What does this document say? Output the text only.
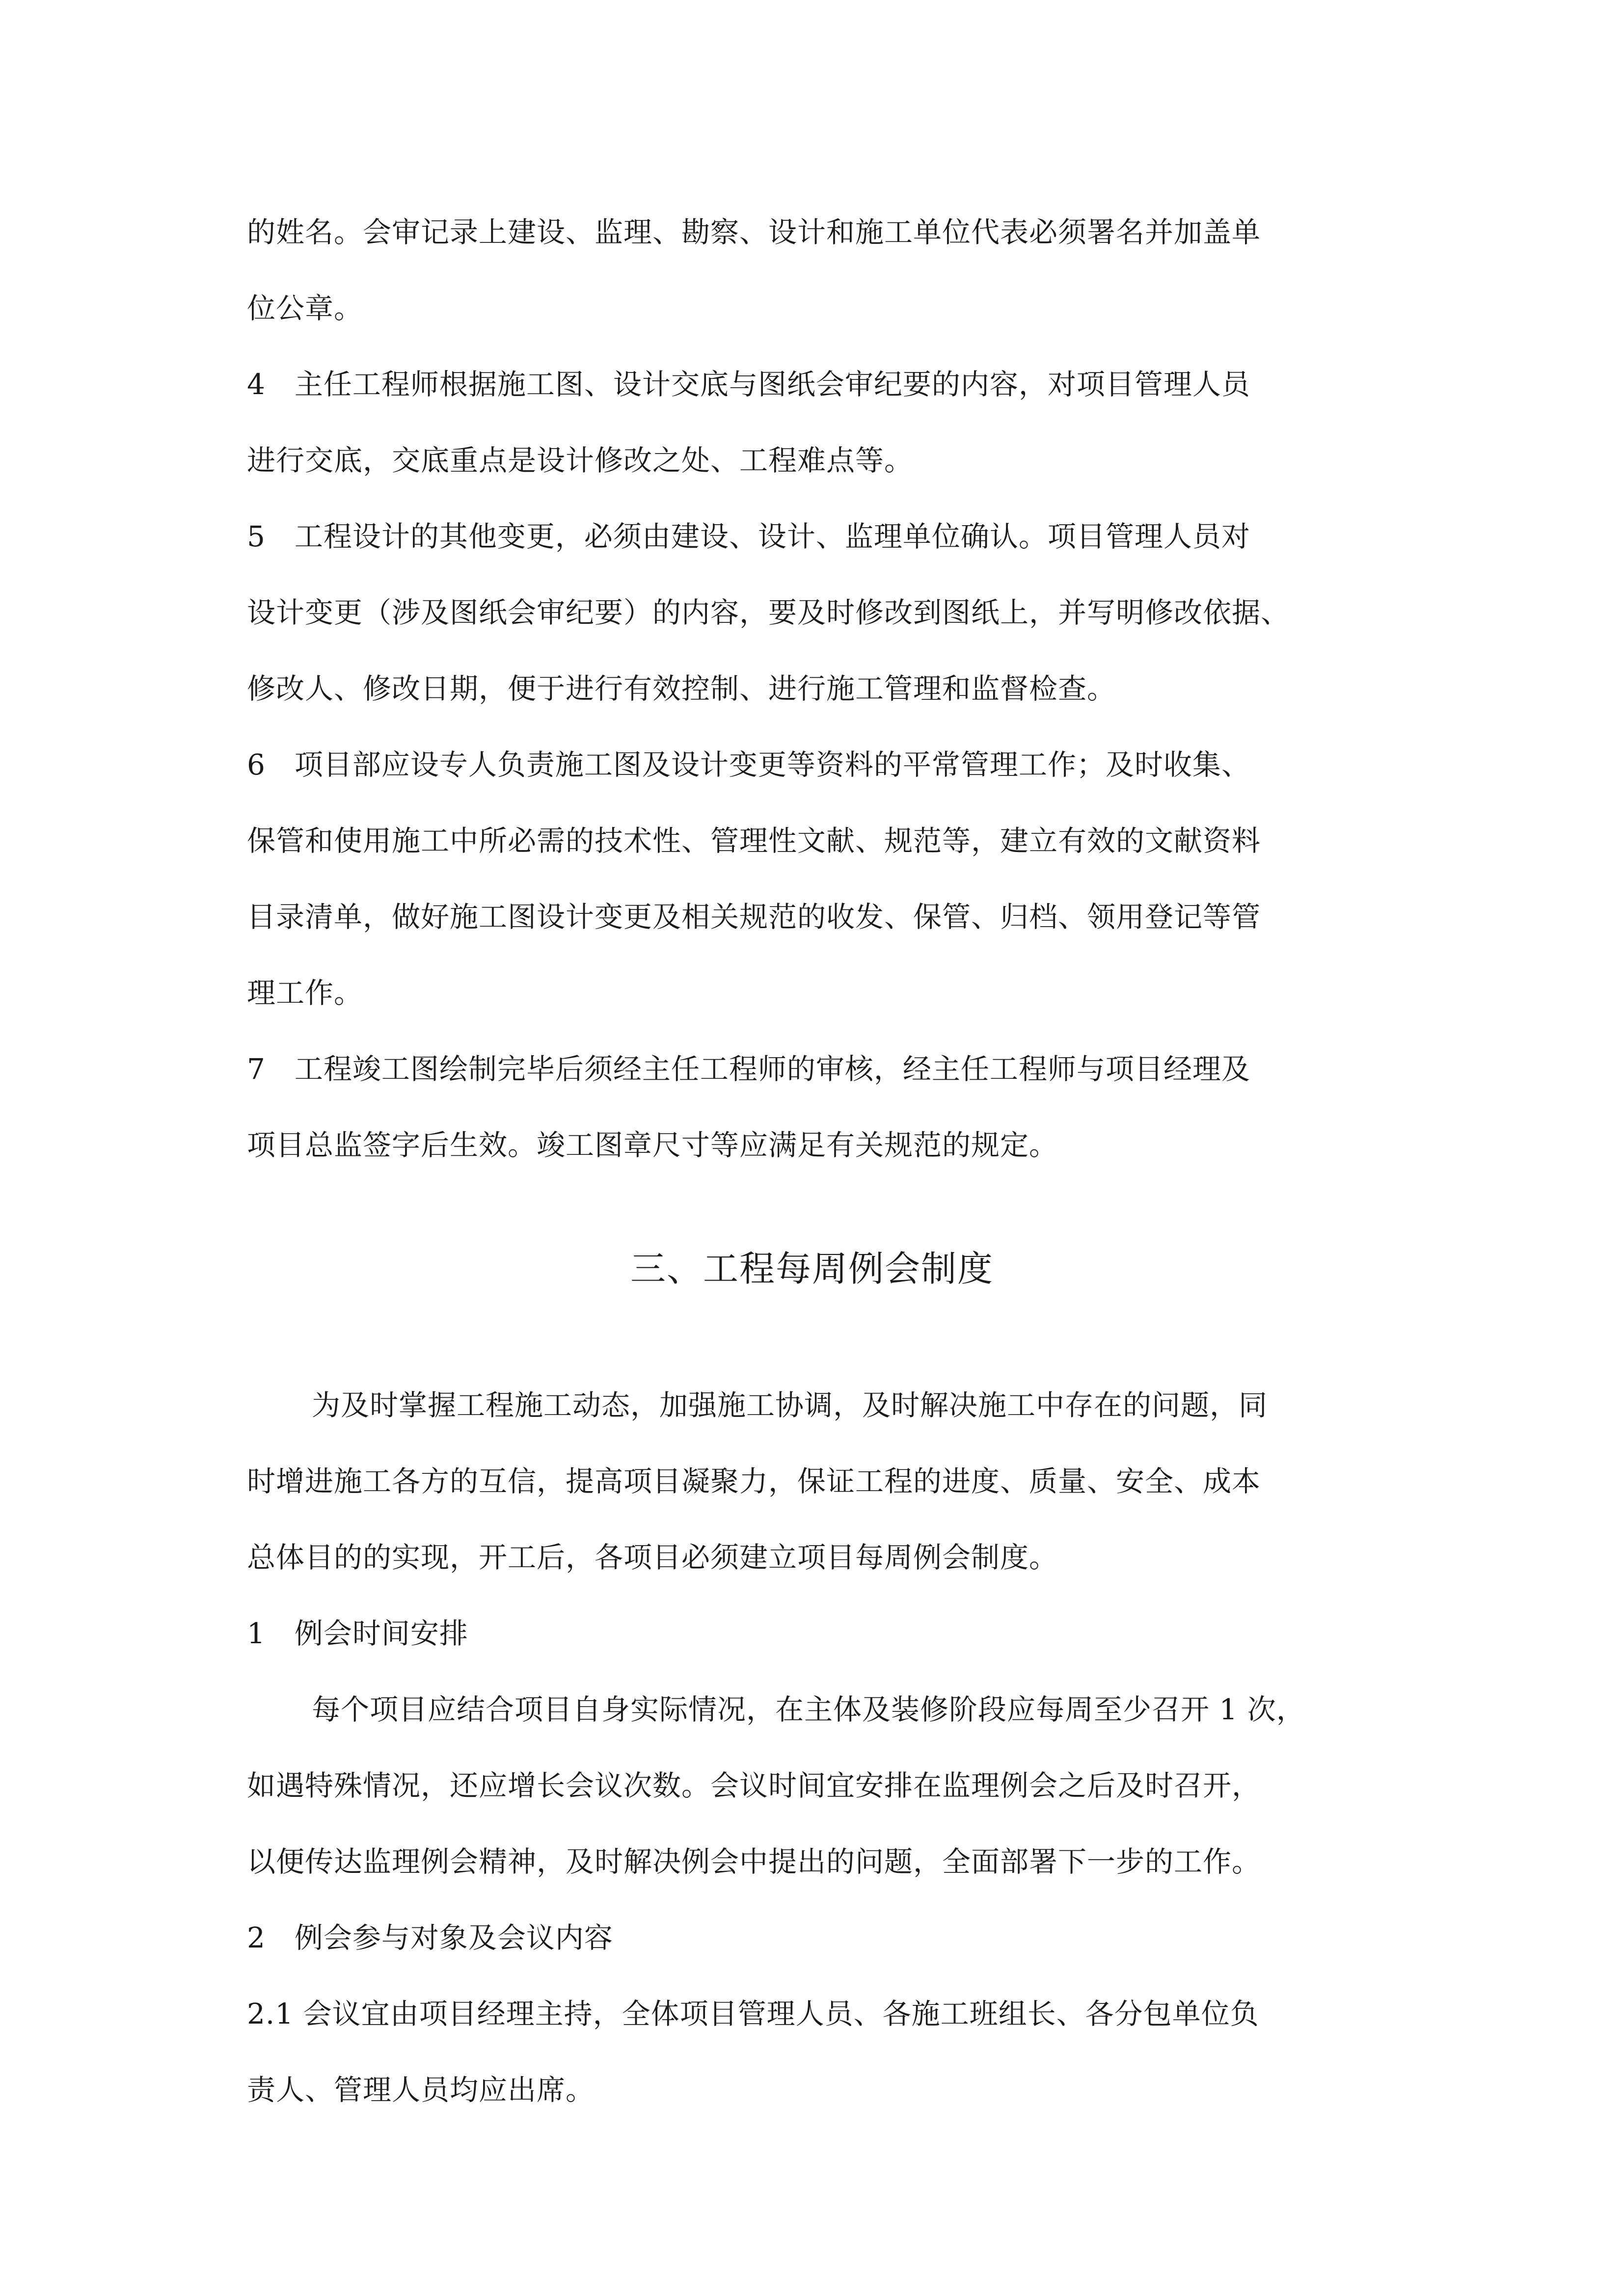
的姓名。会审记录上建设、监理、勘察、设计和施工单位代表必须署名并加盖单
位公章。
4　主任工程师根据施工图、设计交底与图纸会审纪要的内容，对项目管理人员
进行交底，交底重点是设计修改之处、工程难点等。
5　工程设计的其他变更，必须由建设、设计、监理单位确认。项目管理人员对
设计变更（涉及图纸会审纪要）的内容，要及时修改到图纸上，并写明修改依据、
修改人、修改日期，便于进行有效控制、进行施工管理和监督检查。
6　项目部应设专人负责施工图及设计变更等资料的平常管理工作；及时收集、
保管和使用施工中所必需的技术性、管理性文献、规范等，建立有效的文献资料
目录清单，做好施工图设计变更及相关规范的收发、保管、归档、领用登记等管
理工作。
7　工程竣工图绘制完毕后须经主任工程师的审核，经主任工程师与项目经理及
项目总监签字后生效。竣工图章尺寸等应满足有关规范的规定。
三、工程每周例会制度
为及时掌握工程施工动态，加强施工协调，及时解决施工中存在的问题，同
时增进施工各方的互信，提高项目凝聚力，保证工程的进度、质量、安全、成本
总体目的的实现，开工后，各项目必须建立项目每周例会制度。
1　例会时间安排
每个项目应结合项目自身实际情况，在主体及装修阶段应每周至少召开 1 次，
如遇特殊情况，还应增长会议次数。会议时间宜安排在监理例会之后及时召开，
以便传达监理例会精神，及时解决例会中提出的问题，全面部署下一步的工作。
2　例会参与对象及会议内容
2.1 会议宜由项目经理主持，全体项目管理人员、各施工班组长、各分包单位负
责人、管理人员均应出席。
